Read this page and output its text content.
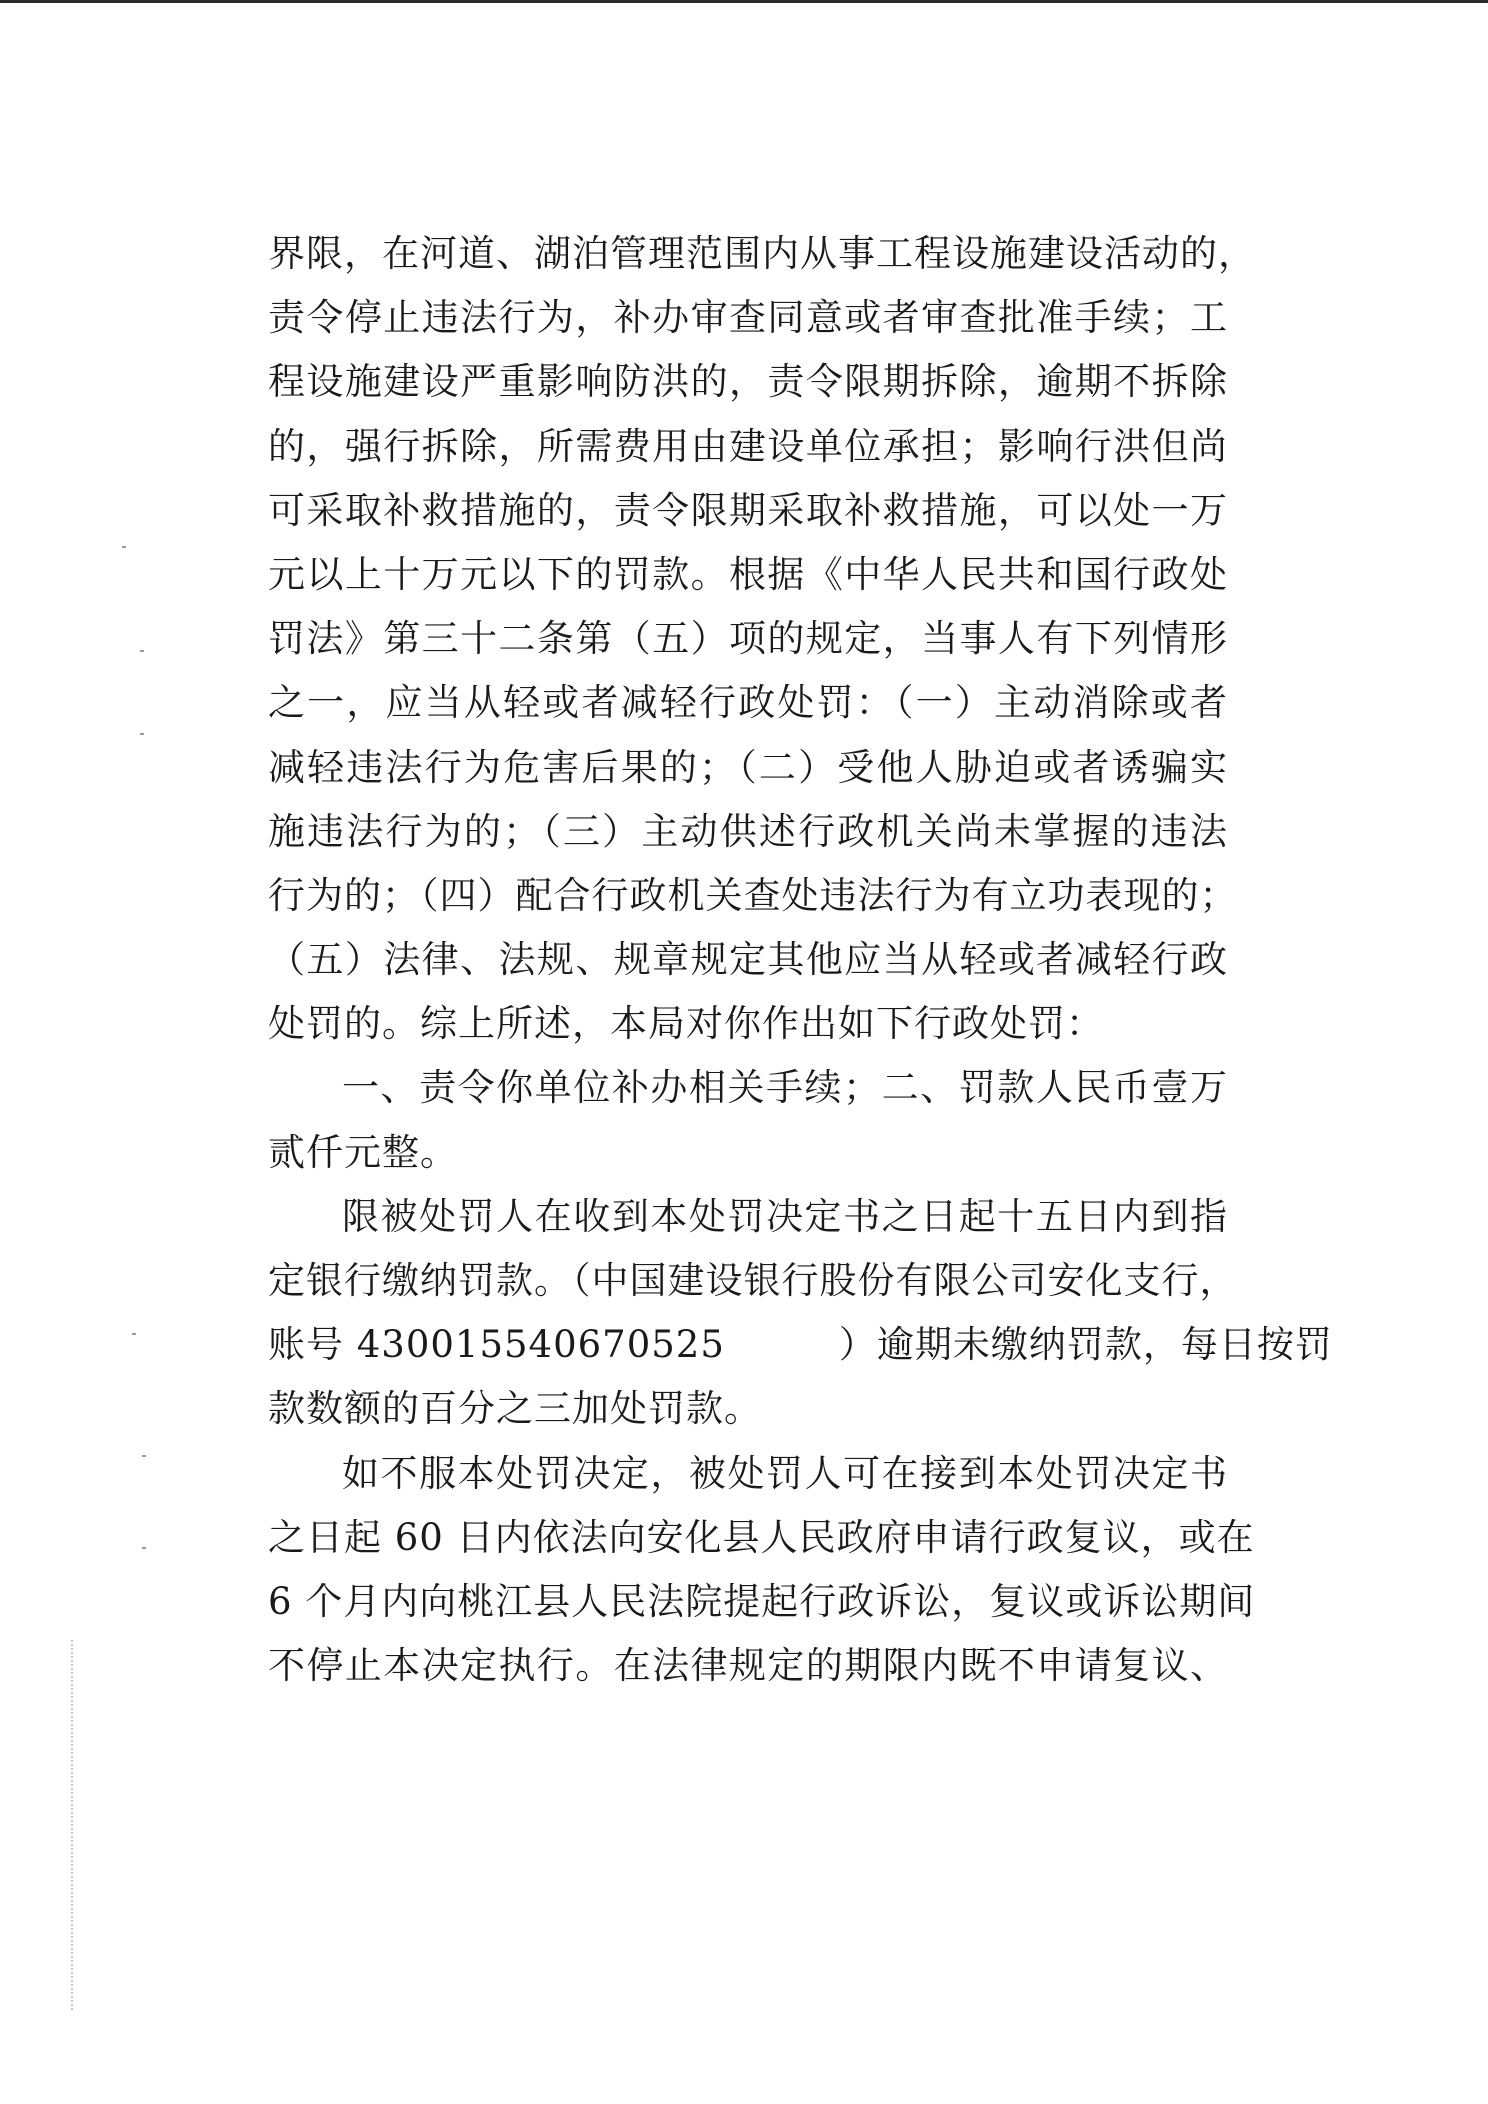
界限，在河道、湖泊管理范围内从事工程设施建设活动的，
责令停止违法行为，补办审查同意或者审查批准手续；工
程设施建设严重影响防洪的，责令限期拆除，逾期不拆除
的，强行拆除，所需费用由建设单位承担；影响行洪但尚
可采取补救措施的，责令限期采取补救措施，可以处一万
元以上十万元以下的罚款。根据《中华人民共和国行政处
罚法》第三十二条第（五）项的规定，当事人有下列情形
之一，应当从轻或者减轻行政处罚：（一）主动消除或者
减轻违法行为危害后果的；（二）受他人胁迫或者诱骗实
施违法行为的；（三）主动供述行政机关尚未掌握的违法
行为的；（四）配合行政机关查处违法行为有立功表现的；
（五）法律、法规、规章规定其他应当从轻或者减轻行政
处罚的。综上所述，本局对你作出如下行政处罚：
一、责令你单位补办相关手续；二、罚款人民币壹万
贰仟元整。
限被处罚人在收到本处罚决定书之日起十五日内到指
定银行缴纳罚款。（中国建设银行股份有限公司安化支行，
账号 430015540670525　　　）逾期未缴纳罚款，每日按罚
款数额的百分之三加处罚款。
如不服本处罚决定，被处罚人可在接到本处罚决定书
之日起 60 日内依法向安化县人民政府申请行政复议，或在
6 个月内向桃江县人民法院提起行政诉讼，复议或诉讼期间
不停止本决定执行。在法律规定的期限内既不申请复议、
